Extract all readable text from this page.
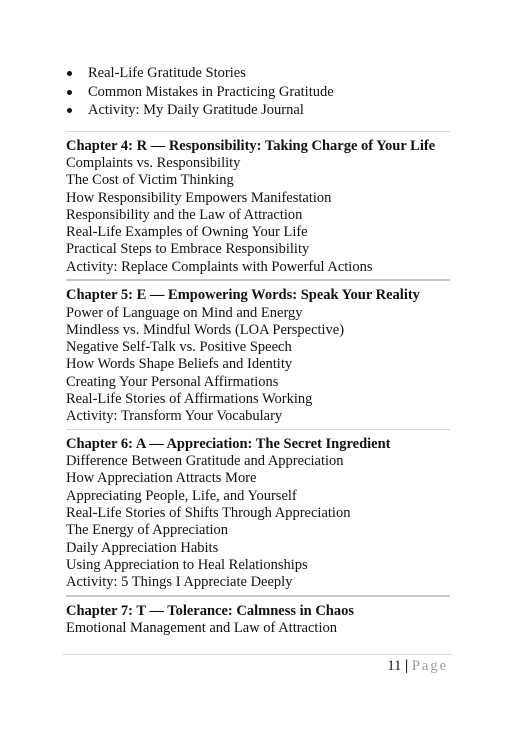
Real-Life Gratitude Stories
Common Mistakes in Practicing Gratitude
Activity: My Daily Gratitude Journal
Chapter 4: R — Responsibility: Taking Charge of Your Life
Complaints vs. Responsibility
The Cost of Victim Thinking
How Responsibility Empowers Manifestation
Responsibility and the Law of Attraction
Real-Life Examples of Owning Your Life
Practical Steps to Embrace Responsibility
Activity: Replace Complaints with Powerful Actions
Chapter 5: E — Empowering Words: Speak Your Reality
Power of Language on Mind and Energy
Mindless vs. Mindful Words (LOA Perspective)
Negative Self-Talk vs. Positive Speech
How Words Shape Beliefs and Identity
Creating Your Personal Affirmations
Real-Life Stories of Affirmations Working
Activity: Transform Your Vocabulary
Chapter 6: A — Appreciation: The Secret Ingredient
Difference Between Gratitude and Appreciation
How Appreciation Attracts More
Appreciating People, Life, and Yourself
Real-Life Stories of Shifts Through Appreciation
The Energy of Appreciation
Daily Appreciation Habits
Using Appreciation to Heal Relationships
Activity: 5 Things I Appreciate Deeply
Chapter 7: T — Tolerance: Calmness in Chaos
Emotional Management and Law of Attraction
11 | Page
